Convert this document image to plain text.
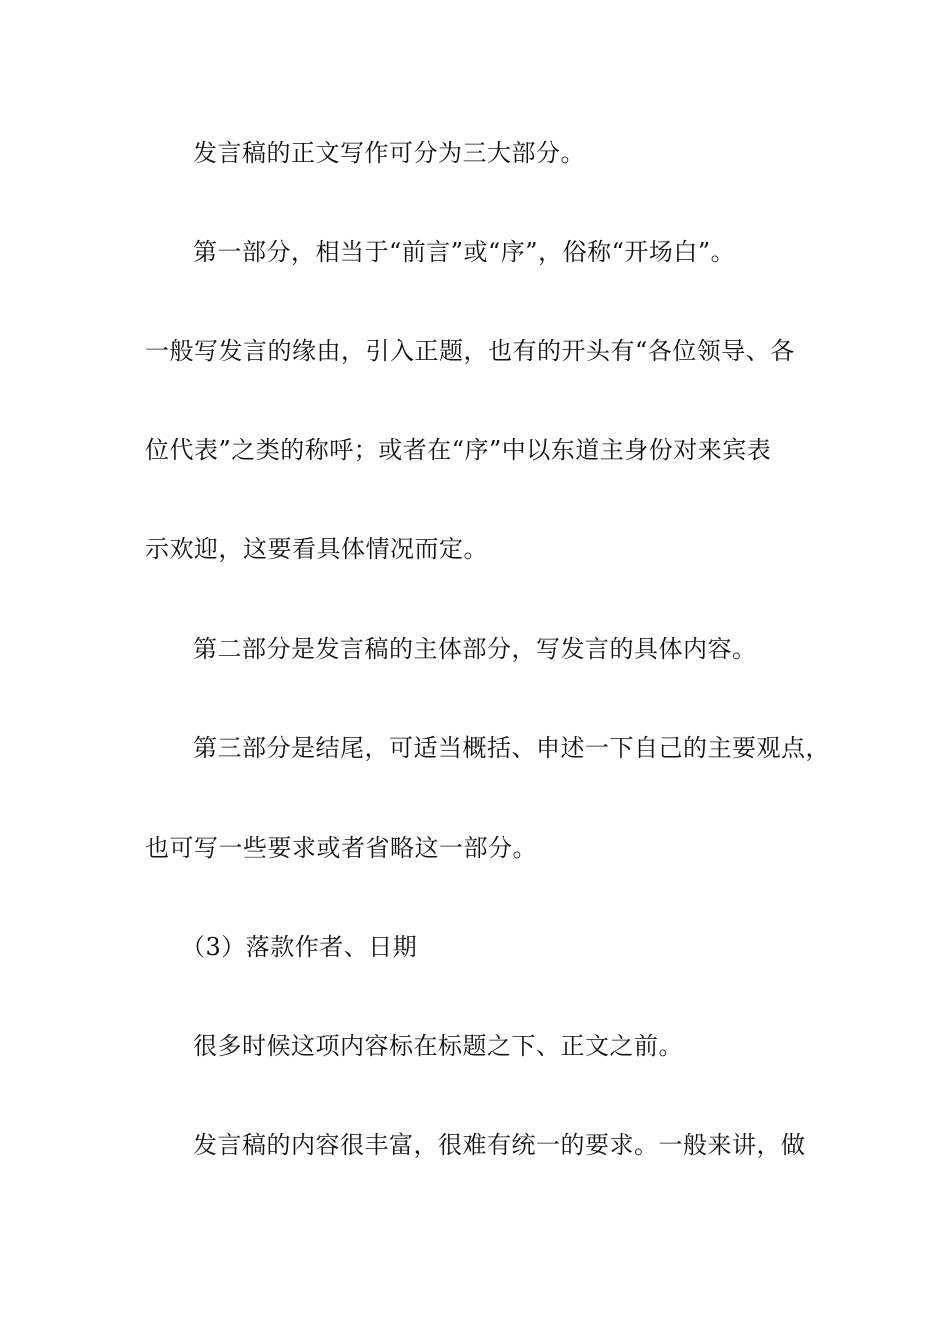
发言稿的正文写作可分为三大部分。
第一部分，相当于“前言”或“序”，俗称“开场白”。
一般写发言的缘由，引入正题，也有的开头有“各位领导、各
位代表”之类的称呼；或者在“序”中以东道主身份对来宾表
示欢迎，这要看具体情况而定。
第二部分是发言稿的主体部分，写发言的具体内容。
第三部分是结尾，可适当概括、申述一下自己的主要观点，
也可写一些要求或者省略这一部分。
（3）落款作者、日期
很多时候这项内容标在标题之下、正文之前。
发言稿的内容很丰富，很难有统一的要求。一般来讲，做
